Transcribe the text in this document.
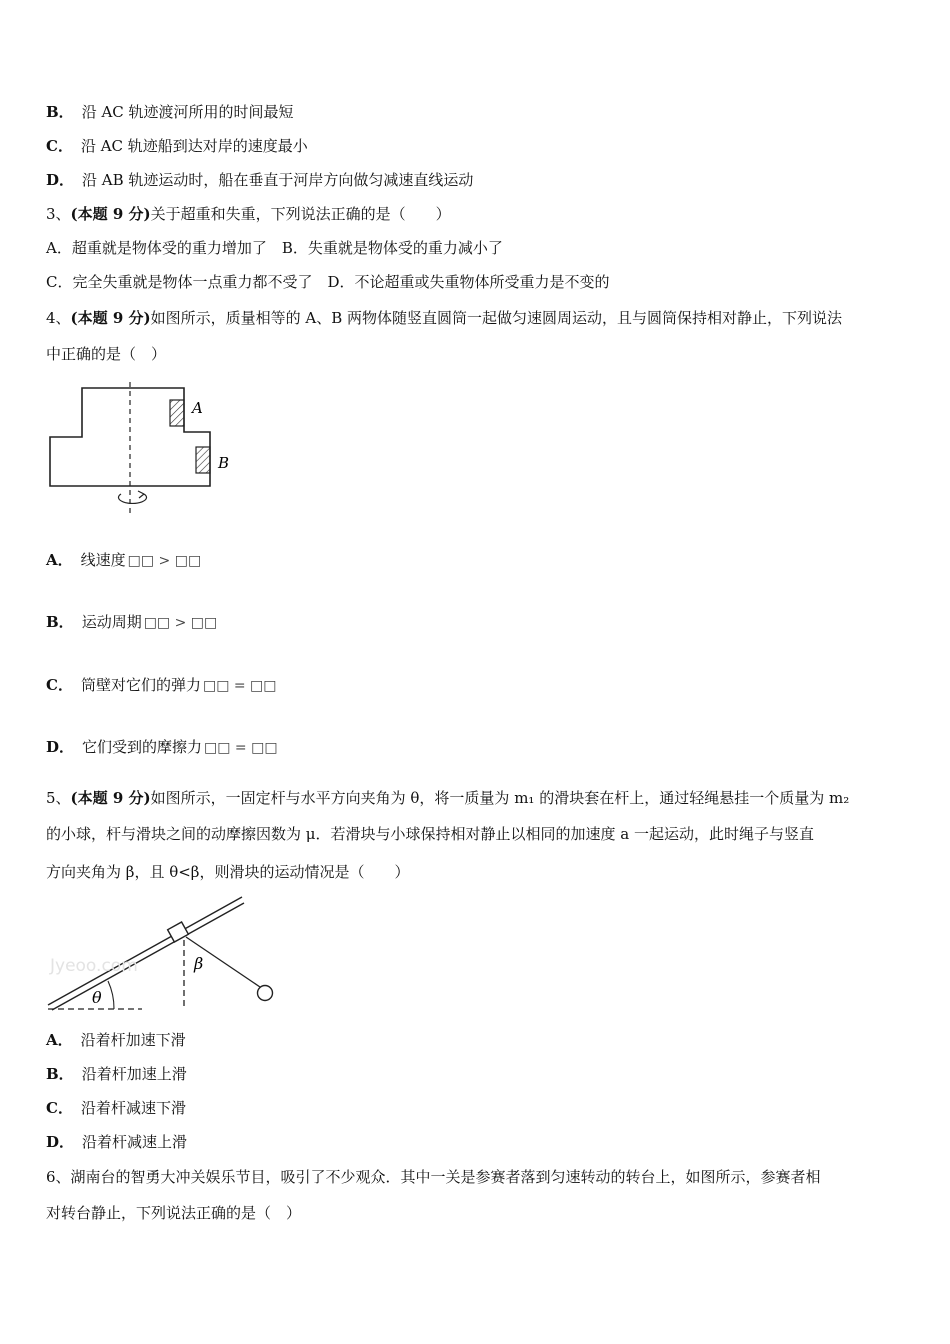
B． 沿 AC 轨迹渡河所用的时间最短
C． 沿 AC 轨迹船到达对岸的速度最小
D． 沿 AB 轨迹运动时，船在垂直于河岸方向做匀减速直线运动
3、(本题 9 分)关于超重和失重，下列说法正确的是（　　）
A．超重就是物体受的重力增加了　B．失重就是物体受的重力减小了
C．完全失重就是物体一点重力都不受了　D．不论超重或失重物体所受重力是不变的
4、(本题 9 分)如图所示，质量相等的 A、B 两物体随竖直圆筒一起做匀速圆周运动，且与圆筒保持相对静止，下列说法
中正确的是（　）
A
B
A． 线速度 □□ > □□
B． 运动周期 □□ > □□
C． 筒壁对它们的弹力 □□ = □□
D． 它们受到的摩擦力 □□ = □□
5、(本题 9 分)如图所示，一固定杆与水平方向夹角为 θ，将一质量为 m₁ 的滑块套在杆上，通过轻绳悬挂一个质量为 m₂
的小球，杆与滑块之间的动摩擦因数为 μ．若滑块与小球保持相对静止以相同的加速度 a 一起运动，此时绳子与竖直
方向夹角为 β，且 θ<β，则滑块的运动情况是（　　）
θ
Jyeoo.com	β
A． 沿着杆加速下滑
B． 沿着杆加速上滑
C． 沿着杆减速下滑
D． 沿着杆减速上滑
6、湖南台的智勇大冲关娱乐节目，吸引了不少观众．其中一关是参赛者落到匀速转动的转台上，如图所示，参赛者相
对转台静止，下列说法正确的是（　）
